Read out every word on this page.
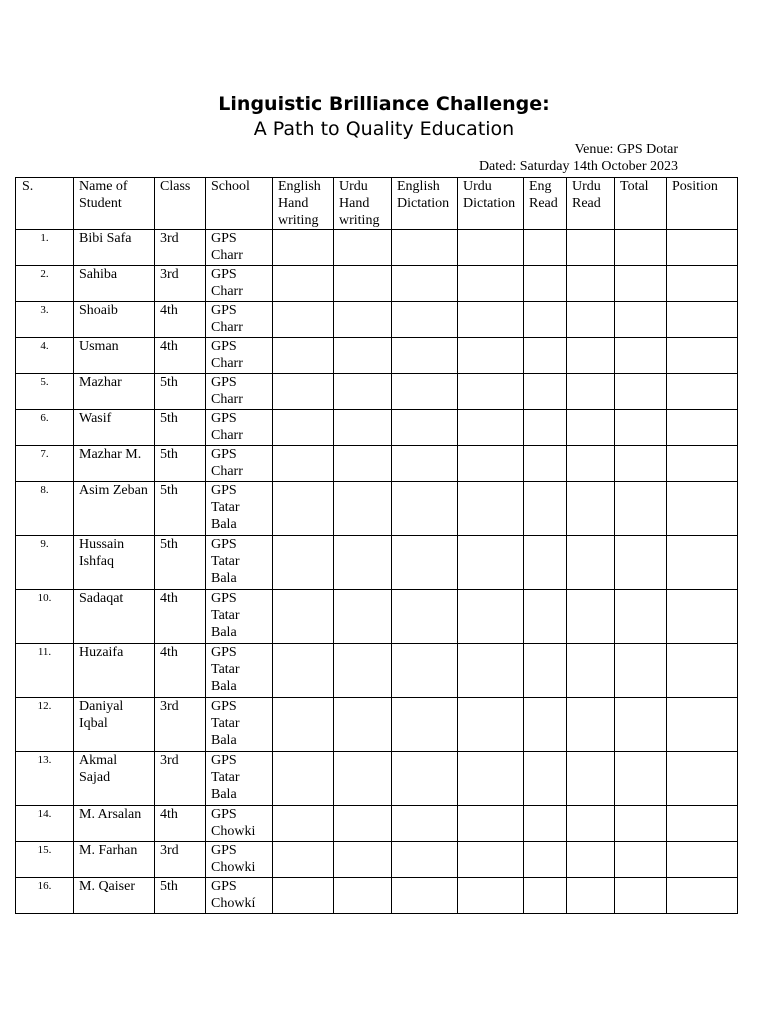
Linguistic Brilliance Challenge:
A Path to Quality Education
Venue: GPS Dotar
Dated: Saturday 14th October 2023
S.	Name of Student	Class	School	English Hand writing	Urdu Hand writing	English Dictation	Urdu Dictation	Eng Read	Urdu Read	Total	Position
1.	Bibi Safa	3rd	GPS Charr								
2.	Sahiba	3rd	GPS Charr								
3.	Shoaib	4th	GPS Charr								
4.	Usman	4th	GPS Charr								
5.	Mazhar	5th	GPS Charr								
6.	Wasif	5th	GPS Charr								
7.	Mazhar M.	5th	GPS Charr								
8.	Asim Zeban	5th	GPS Tatar Bala								
9.	Hussain Ishfaq	5th	GPS Tatar Bala								
10.	Sadaqat	4th	GPS Tatar Bala								
11.	Huzaifa	4th	GPS Tatar Bala								
12.	Daniyal Iqbal	3rd	GPS Tatar Bala								
13.	Akmal Sajad	3rd	GPS Tatar Bala								
14.	M. Arsalan	4th	GPS Chowki								
15.	M. Farhan	3rd	GPS Chowki								
16.	M. Qaiser	5th	GPS Chowkí								
